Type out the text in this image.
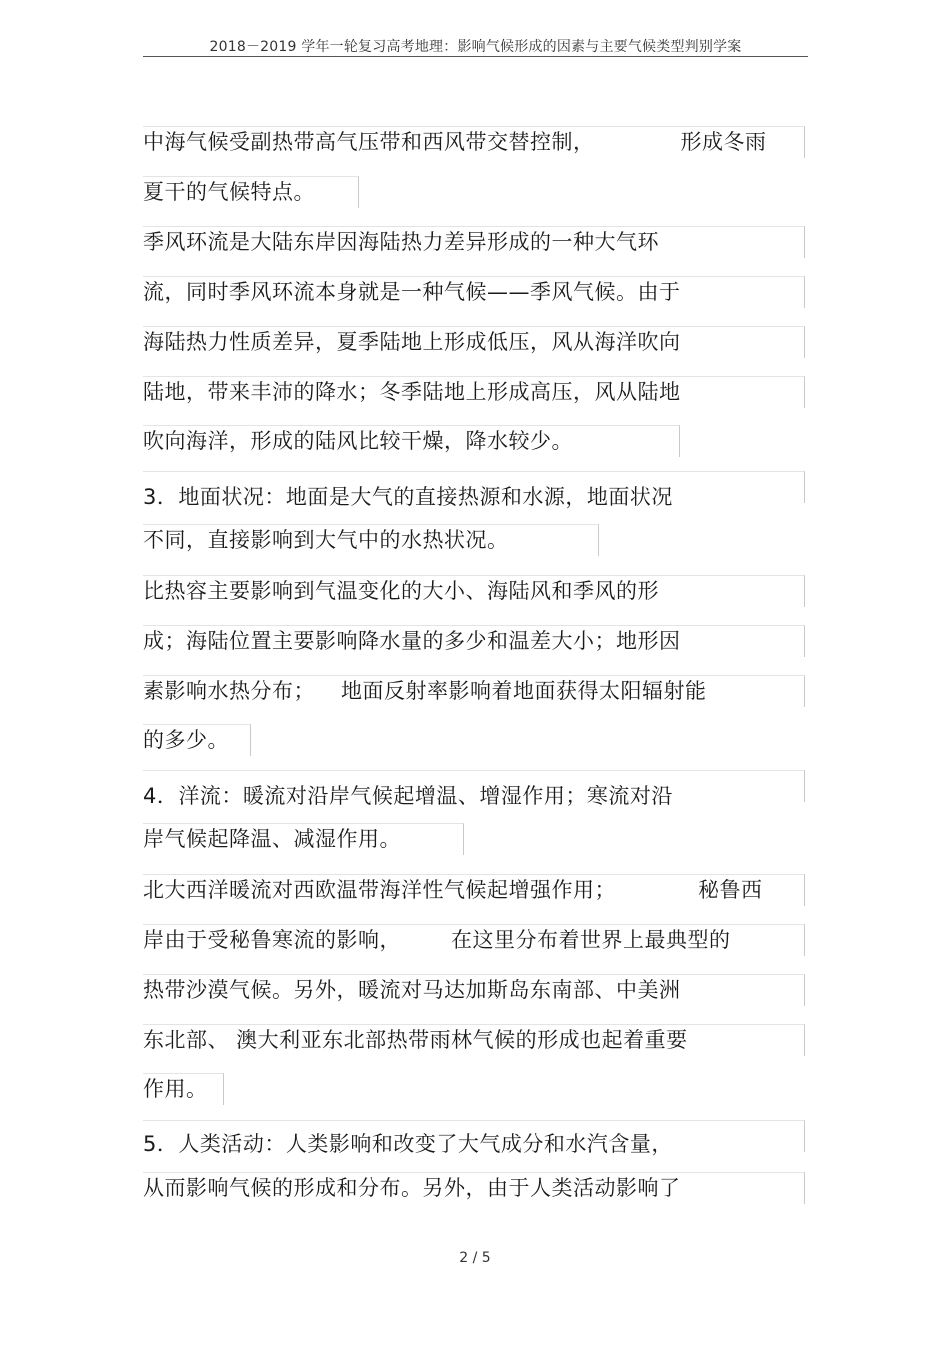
2018－2019 学年一轮复习高考地理：影响气候形成的因素与主要气候类型判别学案
中海气候受副热带高气压带和西风带交替控制，	形成冬雨
夏干的气候特点。
季风环流是大陆东岸因海陆热力差异形成的一种大气环
流，同时季风环流本身就是一种气候——季风气候。由于
海陆热力性质差异，夏季陆地上形成低压，风从海洋吹向
陆地，带来丰沛的降水；冬季陆地上形成高压，风从陆地
吹向海洋，形成的陆风比较干燥，降水较少。
3．地面状况：地面是大气的直接热源和水源，地面状况
不同，直接影响到大气中的水热状况。
比热容主要影响到气温变化的大小、海陆风和季风的形
成；海陆位置主要影响降水量的多少和温差大小；地形因
素影响水热分布； 地面反射率影响着地面获得太阳辐射能
的多少。
4．洋流：暖流对沿岸气候起增温、增湿作用；寒流对沿
岸气候起降温、减湿作用。
北大西洋暖流对西欧温带海洋性气候起增强作用；	秘鲁西
岸由于受秘鲁寒流的影响， 在这里分布着世界上最典型的
热带沙漠气候。另外，暖流对马达加斯岛东南部、中美洲
东北部、 澳大利亚东北部热带雨林气候的形成也起着重要
作用。
5．人类活动：人类影响和改变了大气成分和水汽含量，
从而影响气候的形成和分布。另外，由于人类活动影响了
2 / 5
